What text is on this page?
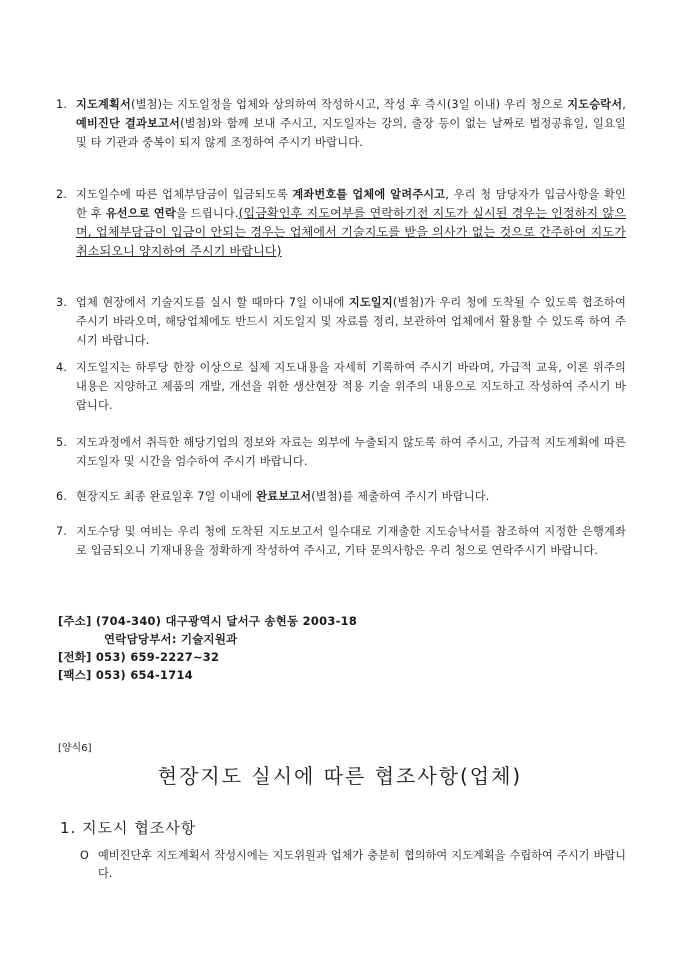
1. 지도계획서(별첨)는 지도일정을 업체와 상의하여 작성하시고, 작성 후 즉시(3일 이내) 우리 청으로 지도승락서, 예비진단 결과보고서(별첨)와 함께 보내 주시고, 지도일자는 강의, 출장 등이 없는 날짜로 법정공휴일, 일요일 및 타 기관과 중복이 되지 않게 조정하여 주시기 바랍니다.
2. 지도일수에 따른 업체부담금이 입금되도록 계좌번호를 업체에 알려주시고, 우리 청 담당자가 입금사항을 확인한 후 유선으로 연락을 드립니다.(입금확인후 지도여부를 연락하기전 지도가 실시된 경우는 인정하지 않으며, 업체부담금이 입금이 안되는 경우는 업체에서 기술지도를 받을 의사가 없는 것으로 간주하여 지도가 취소되오니 양지하여 주시기 바랍니다)
3. 업체 현장에서 기술지도를 실시 할 때마다 7일 이내에 지도일지(별첨)가 우리 청에 도착될 수 있도록 협조하여 주시기 바라오며, 해당업체에도 반드시 지도일지 및 자료를 정리, 보관하여 업체에서 활용할 수 있도록 하여 주시기 바랍니다.
4. 지도일지는 하루당 한장 이상으로 실제 지도내용을 자세히 기록하여 주시기 바라며, 가급적 교육, 이론 위주의 내용은 지양하고 제품의 개발, 개선을 위한 생산현장 적용 기술 위주의 내용으로 지도하고 작성하여 주시기 바랍니다.
5. 지도과정에서 취득한 해당기업의 정보와 자료는 외부에 누출되지 않도록 하여 주시고, 가급적 지도계획에 따른 지도일자 및 시간을 엄수하여 주시기 바랍니다.
6. 현장지도 최종 완료일후 7일 이내에 완료보고서(별첨)를 제출하여 주시기 바랍니다.
7. 지도수당 및 여비는 우리 청에 도착된 지도보고서 일수대로 기재출한 지도승낙서를 참조하여 지정한 은행계좌로 입금되오니 기재내용을 정확하게 작성하여 주시고, 기타 문의사항은 우리 청으로 연락주시기 바랍니다.
[주소] (704-340) 대구광역시 달서구 송현동 2003-18
연락담당부서: 기술지원과
[전화] 053) 659-2227~32
[팩스] 053) 654-1714
[양식6]
현장지도 실시에 따른 협조사항(업체)
1. 지도시 협조사항
O 예비진단후 지도계획서 작성시에는 지도위원과 업체가 충분히 협의하여 지도계획을 수립하여 주시기 바랍니다.
